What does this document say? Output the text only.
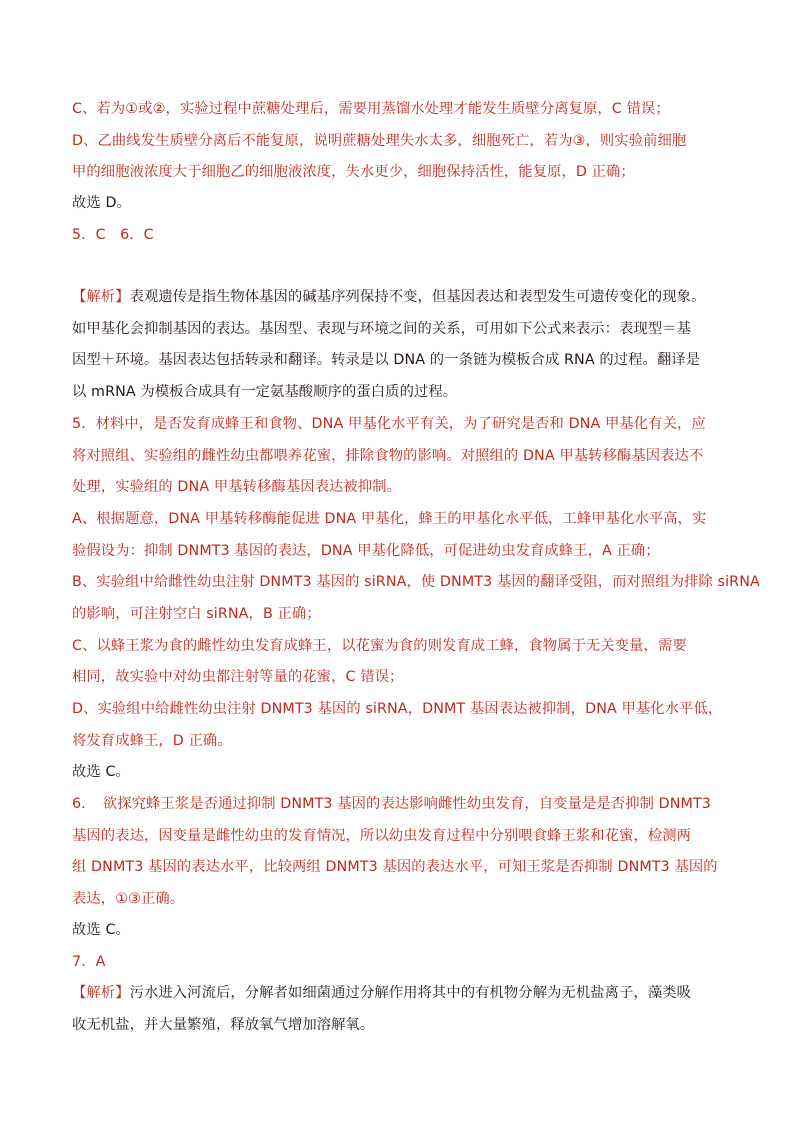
C、若为①或②，实验过程中蔗糖处理后，需要用蒸馏水处理才能发生质壁分离复原，C 错误；
D、乙曲线发生质壁分离后不能复原，说明蔗糖处理失水太多，细胞死亡，若为③，则实验前细胞
甲的细胞液浓度大于细胞乙的细胞液浓度，失水更少，细胞保持活性，能复原，D 正确；
故选 D。
5．C　6．C
【解析】表观遗传是指生物体基因的碱基序列保持不变，但基因表达和表型发生可遗传变化的现象。
如甲基化会抑制基因的表达。基因型、表现与环境之间的关系，可用如下公式来表示：表现型＝基
因型＋环境。基因表达包括转录和翻译。转录是以 DNA 的一条链为模板合成 RNA 的过程。翻译是
以 mRNA 为模板合成具有一定氨基酸顺序的蛋白质的过程。
5．材料中，是否发育成蜂王和食物、DNA 甲基化水平有关，为了研究是否和 DNA 甲基化有关，应
将对照组、实验组的雌性幼虫都喂养花蜜，排除食物的影响。对照组的 DNA 甲基转移酶基因表达不
处理，实验组的 DNA 甲基转移酶基因表达被抑制。
A、根据题意，DNA 甲基转移酶能促进 DNA 甲基化，蜂王的甲基化水平低，工蜂甲基化水平高，实
验假设为：抑制 DNMT3 基因的表达，DNA 甲基化降低，可促进幼虫发育成蜂王，A 正确；
B、实验组中给雌性幼虫注射 DNMT3 基因的 siRNA，使 DNMT3 基因的翻译受阻，而对照组为排除 siRNA
的影响，可注射空白 siRNA，B 正确；
C、以蜂王浆为食的雌性幼虫发育成蜂王，以花蜜为食的则发育成工蜂，食物属于无关变量，需要
相同，故实验中对幼虫都注射等量的花蜜，C 错误；
D、实验组中给雌性幼虫注射 DNMT3 基因的 siRNA，DNMT 基因表达被抑制，DNA 甲基化水平低，
将发育成蜂王，D 正确。
故选 C。
6．　欲探究蜂王浆是否通过抑制 DNMT3 基因的表达影响雌性幼虫发育，自变量是是否抑制 DNMT3
基因的表达，因变量是雌性幼虫的发育情况，所以幼虫发育过程中分别喂食蜂王浆和花蜜，检测两
组 DNMT3 基因的表达水平，比较两组 DNMT3 基因的表达水平，可知王浆是否抑制 DNMT3 基因的
表达，①③正确。
故选 C。
7．A
【解析】污水进入河流后，分解者如细菌通过分解作用将其中的有机物分解为无机盐离子，藻类吸
收无机盐，并大量繁殖，释放氧气增加溶解氧。
